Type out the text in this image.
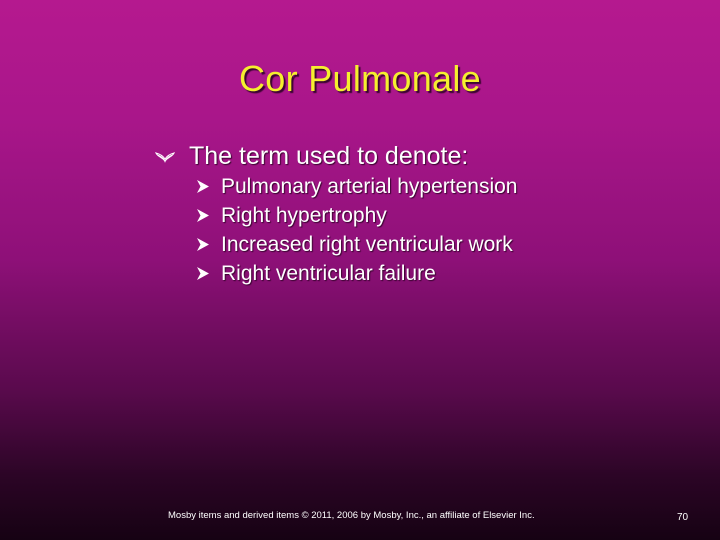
Cor Pulmonale
The term used to denote:
Pulmonary arterial hypertension
Right hypertrophy
Increased right ventricular work
Right ventricular failure
Mosby items and derived items © 2011, 2006 by Mosby, Inc., an affiliate of Elsevier Inc.	70
